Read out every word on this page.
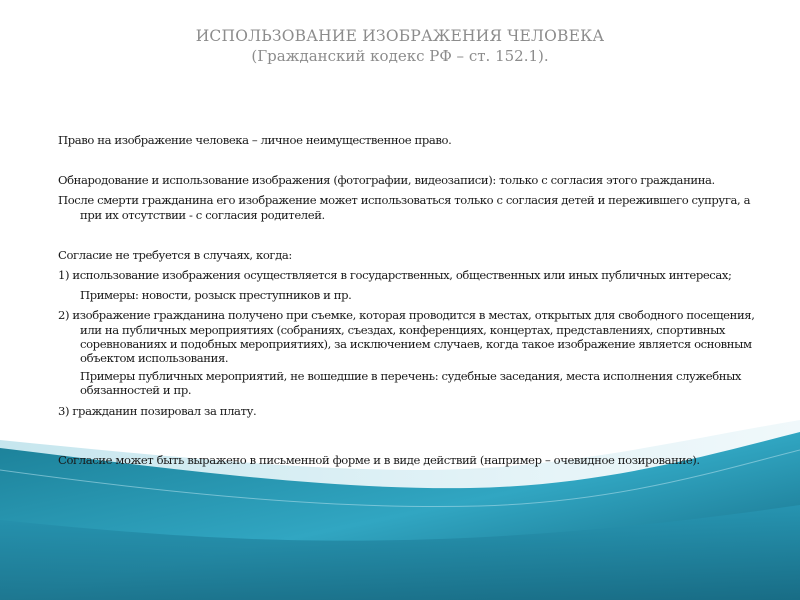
ИСПОЛЬЗОВАНИЕ ИЗОБРАЖЕНИЯ ЧЕЛОВЕКА
(Гражданский кодекс РФ – ст. 152.1).

Право на изображение человека – личное неимущественное право.

Обнародование и использование изображения (фотографии, видеозаписи): только с согласия этого гражданина.

После смерти гражданина его изображение может использоваться только с согласия детей и пережившего супруга, а при их отсутствии - с согласия родителей.

Согласие не требуется в случаях, когда:

1) использование изображения осуществляется в государственных, общественных или иных публичных интересах;

Примеры: новости, розыск преступников и пр.

2) изображение гражданина получено при съемке, которая проводится в местах, открытых для свободного посещения, или на публичных мероприятиях (собраниях, съездах, конференциях, концертах, представлениях, спортивных соревнованиях и подобных мероприятиях), за исключением случаев, когда такое изображение является основным объектом использования.

Примеры публичных мероприятий, не вошедшие в перечень: судебные заседания, места исполнения служебных обязанностей и пр.

3) гражданин позировал за плату.

Согласие может быть выражено в письменной форме и в виде действий (например – очевидное позирование).
